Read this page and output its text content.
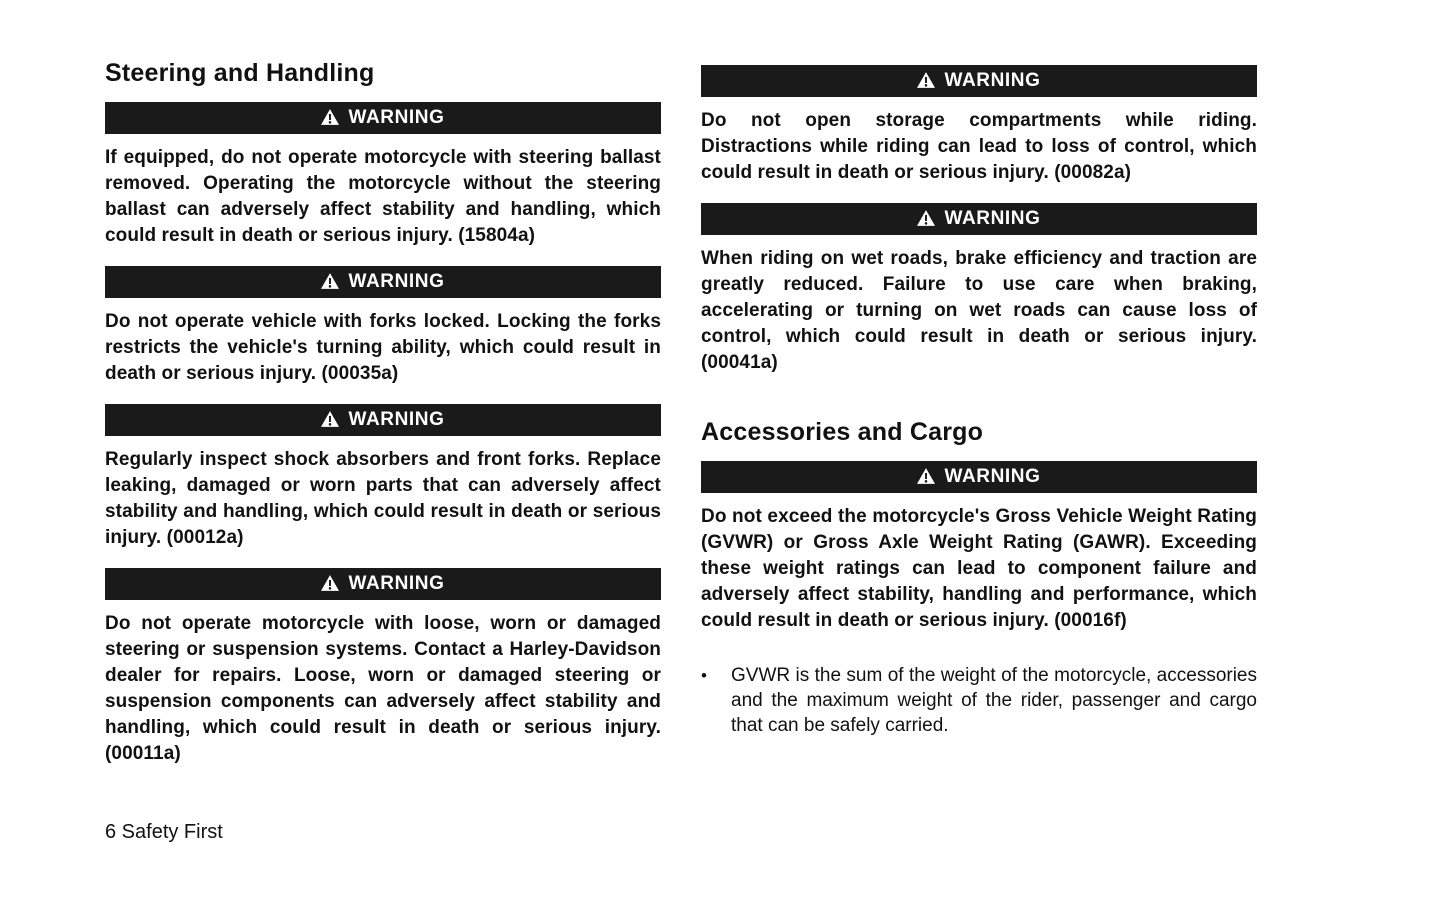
Steering and Handling
WARNING

If equipped, do not operate motorcycle with steering ballast removed. Operating the motorcycle without the steering ballast can adversely affect stability and handling, which could result in death or serious injury. (15804a)

WARNING

Do not operate vehicle with forks locked. Locking the forks restricts the vehicle's turning ability, which could result in death or serious injury. (00035a)

WARNING

Regularly inspect shock absorbers and front forks. Replace leaking, damaged or worn parts that can adversely affect stability and handling, which could result in death or serious injury. (00012a)

WARNING

Do not operate motorcycle with loose, worn or damaged steering or suspension systems. Contact a Harley-Davidson dealer for repairs. Loose, worn or damaged steering or suspension components can adversely affect stability and handling, which could result in death or serious injury. (00011a)

WARNING

Do not open storage compartments while riding. Distractions while riding can lead to loss of control, which could result in death or serious injury. (00082a)

WARNING

When riding on wet roads, brake efficiency and traction are greatly reduced. Failure to use care when braking, accelerating or turning on wet roads can cause loss of control, which could result in death or serious injury. (00041a)

Accessories and Cargo
WARNING

Do not exceed the motorcycle's Gross Vehicle Weight Rating (GVWR) or Gross Axle Weight Rating (GAWR). Exceeding these weight ratings can lead to component failure and adversely affect stability, handling and performance, which could result in death or serious injury. (00016f)

•	GVWR is the sum of the weight of the motorcycle, accessories and the maximum weight of the rider, passenger and cargo that can be safely carried.
6 Safety First
